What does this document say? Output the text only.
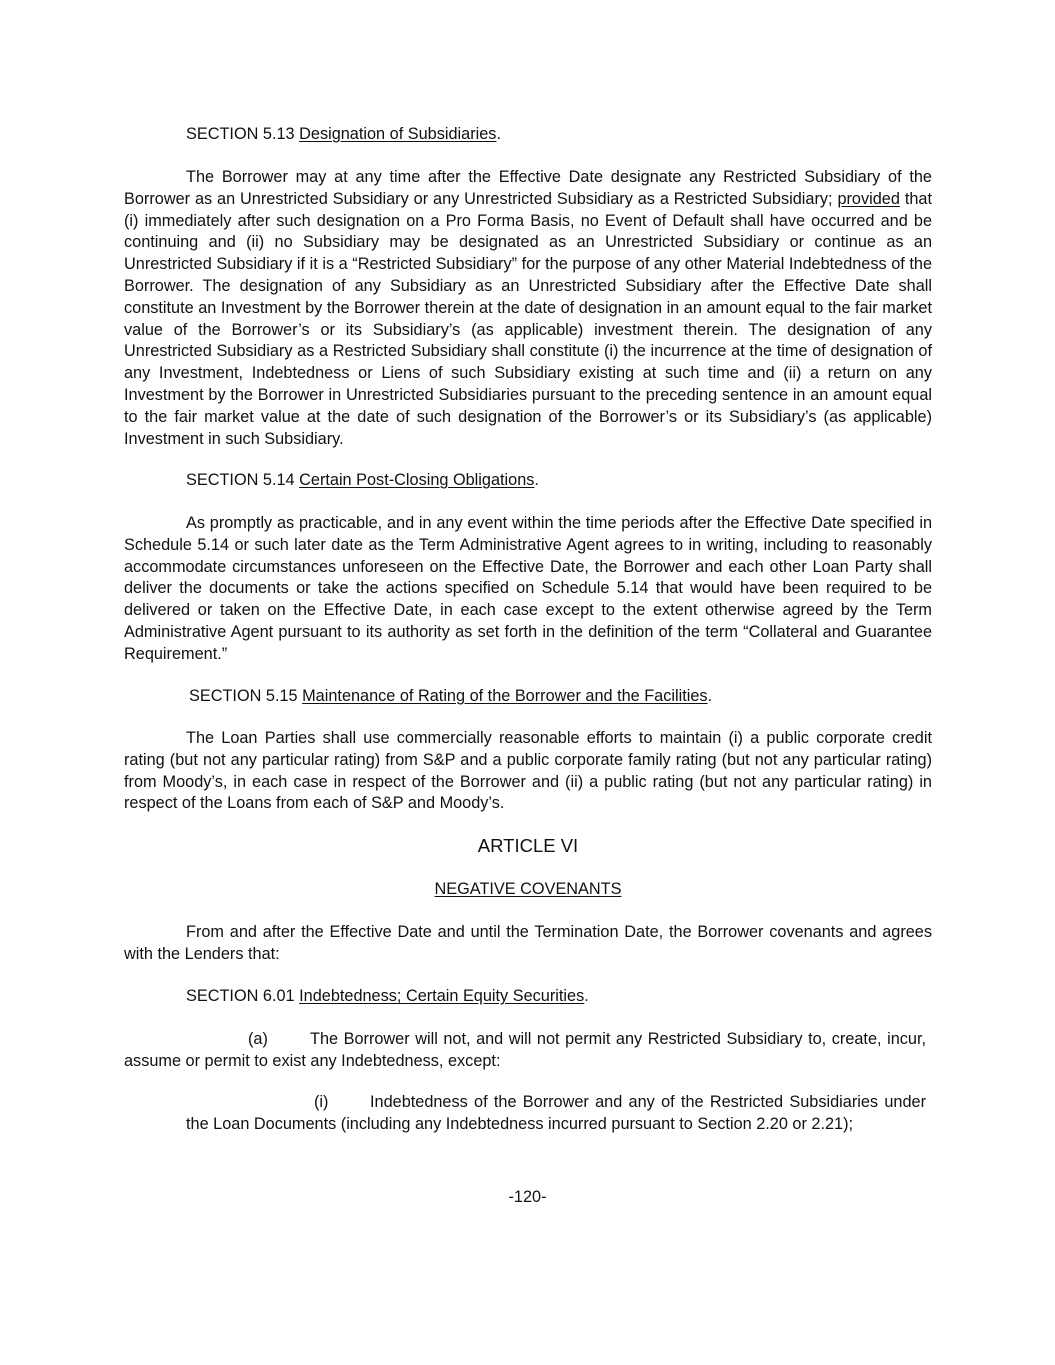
SECTION 5.13 Designation of Subsidiaries.

The Borrower may at any time after the Effective Date designate any Restricted Subsidiary of the Borrower as an Unrestricted Subsidiary or any Unrestricted Subsidiary as a Restricted Subsidiary; provided that (i) immediately after such designation on a Pro Forma Basis, no Event of Default shall have occurred and be continuing and (ii) no Subsidiary may be designated as an Unrestricted Subsidiary or continue as an Unrestricted Subsidiary if it is a “Restricted Subsidiary” for the purpose of any other Material Indebtedness of the Borrower. The designation of any Subsidiary as an Unrestricted Subsidiary after the Effective Date shall constitute an Investment by the Borrower therein at the date of designation in an amount equal to the fair market value of the Borrower’s or its Subsidiary’s (as applicable) investment therein. The designation of any Unrestricted Subsidiary as a Restricted Subsidiary shall constitute (i) the incurrence at the time of designation of any Investment, Indebtedness or Liens of such Subsidiary existing at such time and (ii) a return on any Investment by the Borrower in Unrestricted Subsidiaries pursuant to the preceding sentence in an amount equal to the fair market value at the date of such designation of the Borrower’s or its Subsidiary’s (as applicable) Investment in such Subsidiary.

SECTION 5.14 Certain Post-Closing Obligations.

As promptly as practicable, and in any event within the time periods after the Effective Date specified in Schedule 5.14 or such later date as the Term Administrative Agent agrees to in writing, including to reasonably accommodate circumstances unforeseen on the Effective Date, the Borrower and each other Loan Party shall deliver the documents or take the actions specified on Schedule 5.14 that would have been required to be delivered or taken on the Effective Date, in each case except to the extent otherwise agreed by the Term Administrative Agent pursuant to its authority as set forth in the definition of the term “Collateral and Guarantee Requirement.”

SECTION 5.15 Maintenance of Rating of the Borrower and the Facilities.

The Loan Parties shall use commercially reasonable efforts to maintain (i) a public corporate credit rating (but not any particular rating) from S&P and a public corporate family rating (but not any particular rating) from Moody’s, in each case in respect of the Borrower and (ii) a public rating (but not any particular rating) in respect of the Loans from each of S&P and Moody’s.

ARTICLE VI

NEGATIVE COVENANTS

From and after the Effective Date and until the Termination Date, the Borrower covenants and agrees with the Lenders that:

SECTION 6.01 Indebtedness; Certain Equity Securities.

(a)	The Borrower will not, and will not permit any Restricted Subsidiary to, create, incur, assume or permit to exist any Indebtedness, except:

(i)	Indebtedness of the Borrower and any of the Restricted Subsidiaries under the Loan Documents (including any Indebtedness incurred pursuant to Section 2.20 or 2.21);

-120-
